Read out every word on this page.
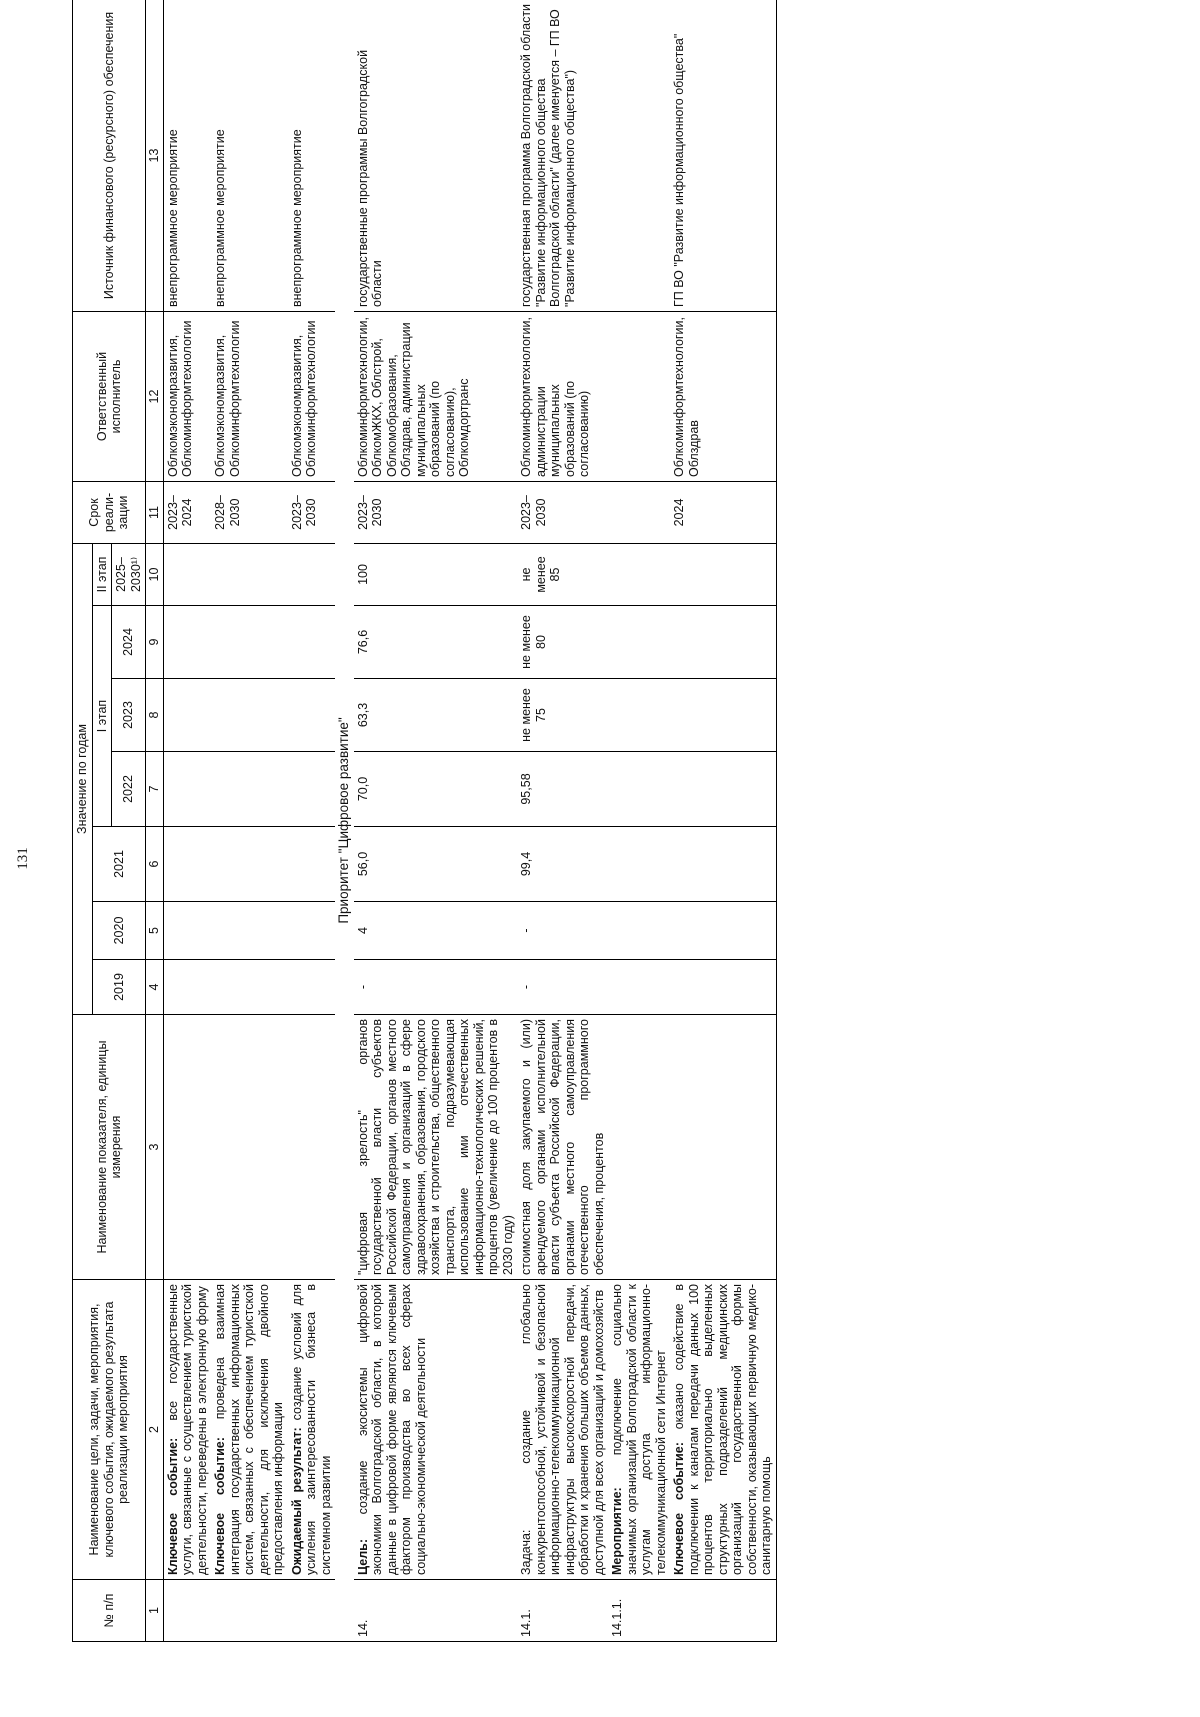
131
№ п/п	Наименование цели, задачи, мероприятия, ключевого события, ожидаемого результата реализации мероприятия	Наименование показателя, единицы измерения	Значение по годам							Срок реали- зации	Ответственный исполнитель	Источник финансового (ресурсного) обеспечения
			2019	2020	2021	I этап			II этап			
						2022	2023	2024	2025– 2030¹⁾			
1	2	3	4	5	6	7	8	9	10	11	12	13
	Ключевое событие: все государственные услуги, связанные с осуществлением туристской деятельности, переведены в электронную форму									2023– 2024	Облкомэкономразвития, Облкоминформтехнологии	внепрограммное мероприятие
	Ключевое событие: проведена взаимная интеграция государственных информационных систем, связанных с обеспечением туристской деятельности, для исключения двойного предоставления информации									2028– 2030	Облкомэкономразвития, Облкоминформтехнологии	внепрограммное мероприятие
	Ожидаемый результат: создание условий для усиления заинтересованности бизнеса в системном развитии									2023– 2030	Облкомэкономразвития, Облкоминформтехнологии	внепрограммное мероприятие
Приоритет "Цифровое развитие"												
14.	Цель: создание экосистемы цифровой экономики Волгоградской области, в которой данные в цифровой форме являются ключевым фактором производства во всех сферах социально-экономической деятельности	"цифровая зрелость" органов государственной власти субъектов Российской Федерации, органов местного самоуправления и организаций в сфере здравоохранения, образования, городского хозяйства и строительства, общественного транспорта, подразумевающая использование ими отечественных информационно-технологических решений, процентов (увеличение до 100 процентов в 2030 году)	-	4	56,0	70,0	63,3	76,6	100	2023– 2030	Облкоминформтехнологии, ОблкомЖКХ, Облстрой, Облкомобразования, Облздрав, администрации муниципальных образований (по согласованию), Облкомдортранс	государственные программы Волгоградской области
14.1.	Задача: создание глобально конкурентоспособной, устойчивой и безопасной информационно-телекоммуникационной инфраструктуры высокоскоростной передачи, обработки и хранения больших объемов данных, доступной для всех организаций и домохозяйств	стоимостная доля закупаемого и (или) арендуемого органами исполнительной власти субъекта Российской Федерации, органами местного самоуправления отечественного программного обеспечения, процентов	-	-	99,4	95,58	не менее 75	не менее 80	не менее 85	2023– 2030	Облкоминформтехнологии, администрации муниципальных образований (по согласованию)	государственная программа Волгоградской области "Развитие информационного общества Волгоградской области" (далее именуется – ГП ВО "Развитие информационного общества")
14.1.1.	Мероприятие: подключение социально значимых организаций Волгоградской области к услугам доступа информационно-телекоммуникационной сети Интернет											
	Ключевое событие: оказано содействие в подключении к каналам передачи данных 100 процентов территориально выделенных структурных подразделений медицинских организаций государственной формы собственности, оказывающих первичную медико-санитарную помощь									2024	Облкоминформтехнологии, Облздрав	ГП ВО "Развитие информационного общества"
